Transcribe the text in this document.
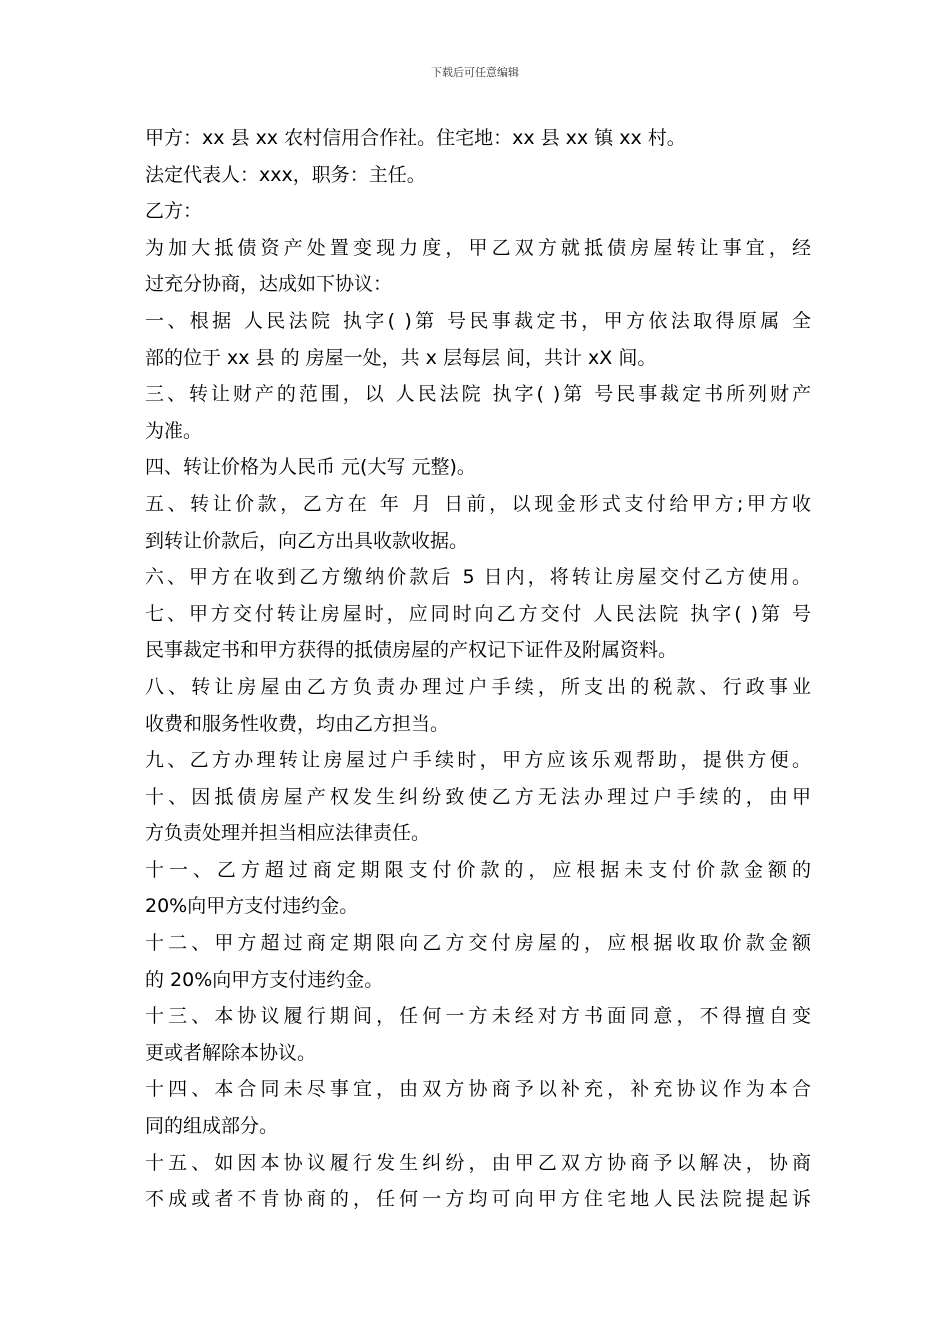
下载后可任意编辑
甲方：xx 县 xx 农村信用合作社。住宅地：xx 县 xx 镇 xx 村。
法定代表人：xxx，职务：主任。
乙方：
为加大抵债资产处置变现力度，甲乙双方就抵债房屋转让事宜，经
过充分协商，达成如下协议：
一、根据 人民法院 执字( )第 号民事裁定书，甲方依法取得原属 全
部的位于 xx 县 的 房屋一处，共 x 层每层 间，共计 xX 间。
三、转让财产的范围，以 人民法院 执字( )第 号民事裁定书所列财产
为准。
四、转让价格为人民币 元(大写 元整)。
五、转让价款，乙方在 年 月 日前，以现金形式支付给甲方;甲方收
到转让价款后，向乙方出具收款收据。
六、甲方在收到乙方缴纳价款后 5 日内，将转让房屋交付乙方使用。
七、甲方交付转让房屋时，应同时向乙方交付 人民法院 执字( )第 号
民事裁定书和甲方获得的抵债房屋的产权记下证件及附属资料。
八、转让房屋由乙方负责办理过户手续，所支出的税款、行政事业
收费和服务性收费，均由乙方担当。
九、乙方办理转让房屋过户手续时，甲方应该乐观帮助，提供方便。
十、因抵债房屋产权发生纠纷致使乙方无法办理过户手续的，由甲
方负责处理并担当相应法律责任。
十一、乙方超过商定期限支付价款的，应根据未支付价款金额的
20%向甲方支付违约金。
十二、甲方超过商定期限向乙方交付房屋的，应根据收取价款金额
的 20%向甲方支付违约金。
十三、本协议履行期间，任何一方未经对方书面同意，不得擅自变
更或者解除本协议。
十四、本合同未尽事宜，由双方协商予以补充，补充协议作为本合
同的组成部分。
十五、如因本协议履行发生纠纷，由甲乙双方协商予以解决，协商
不成或者不肯协商的，任何一方均可向甲方住宅地人民法院提起诉
